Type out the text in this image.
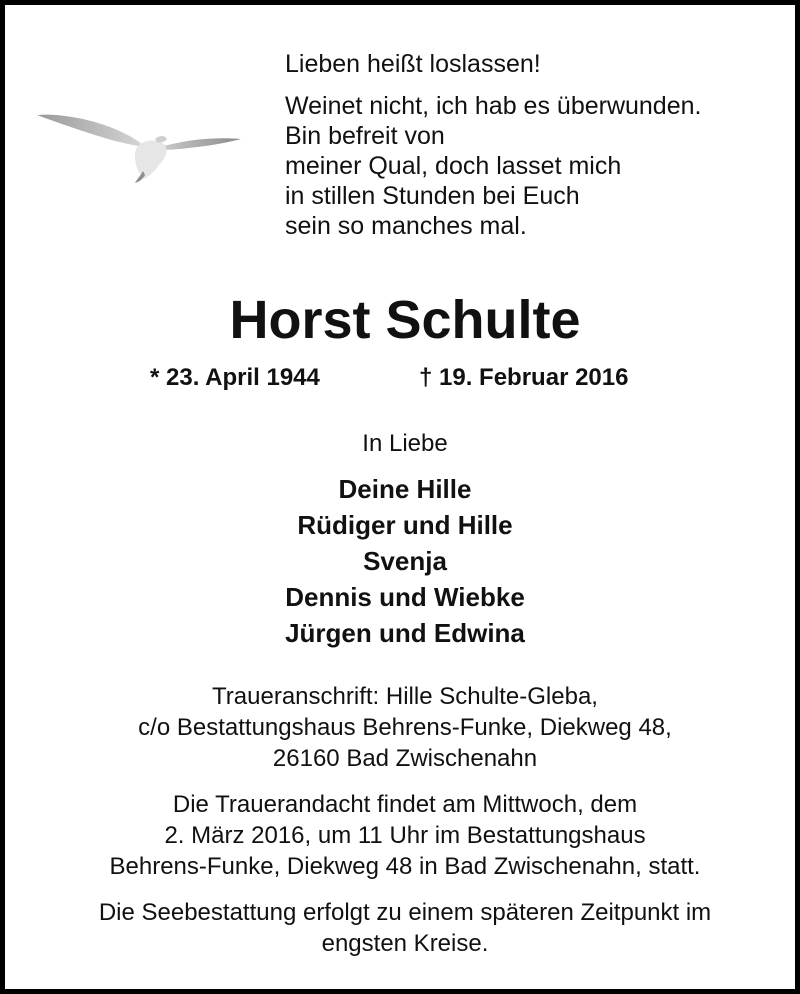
Lieben heißt loslassen!
Weinet nicht, ich hab es überwunden.
Bin befreit von
meiner Qual, doch lasset mich
in stillen Stunden bei Euch
sein so manches mal.
Horst Schulte
* 23. April 1944	† 19. Februar 2016
In Liebe
Deine Hille
Rüdiger und Hille
Svenja
Dennis und Wiebke
Jürgen und Edwina
Traueranschrift: Hille Schulte-Gleba,
c/o Bestattungshaus Behrens-Funke, Diekweg 48,
26160 Bad Zwischenahn
Die Trauerandacht findet am Mittwoch, dem
2. März 2016, um 11 Uhr im Bestattungshaus
Behrens-Funke, Diekweg 48 in Bad Zwischenahn, statt.
Die Seebestattung erfolgt zu einem späteren Zeitpunkt im
engsten Kreise.
